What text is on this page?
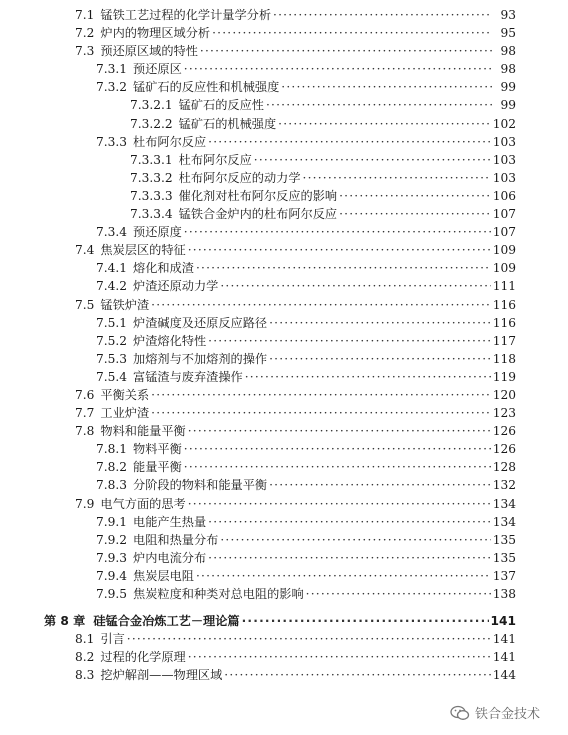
7.1 锰铁工艺过程的化学计量学分析 ·····	93
7.2 炉内的物理区域分析 ·····	95
7.3 预还原区域的特性 ·····	98
7.3.1 预还原区 ·····	98
7.3.2 锰矿石的反应性和机械强度 ·····	99
7.3.2.1 锰矿石的反应性 ·····	99
7.3.2.2 锰矿石的机械强度 ·····	102
7.3.3 杜布阿尔反应 ·····	103
7.3.3.1 杜布阿尔反应 ·····	103
7.3.3.2 杜布阿尔反应的动力学 ·····	103
7.3.3.3 催化剂对杜布阿尔反应的影响 ·····	106
7.3.3.4 锰铁合金炉内的杜布阿尔反应 ·····	107
7.3.4 预还原度 ·····	107
7.4 焦炭层区的特征 ·····	109
7.4.1 熔化和成渣 ·····	109
7.4.2 炉渣还原动力学 ·····	111
7.5 锰铁炉渣 ·····	116
7.5.1 炉渣碱度及还原反应路径 ·····	116
7.5.2 炉渣熔化特性 ·····	117
7.5.3 加熔剂与不加熔剂的操作 ·····	118
7.5.4 富锰渣与废弃渣操作 ·····	119
7.6 平衡关系 ·····	120
7.7 工业炉渣 ·····	123
7.8 物料和能量平衡 ·····	126
7.8.1 物料平衡 ·····	126
7.8.2 能量平衡 ·····	128
7.8.3 分阶段的物料和能量平衡 ·····	132
7.9 电气方面的思考 ·····	134
7.9.1 电能产生热量 ·····	134
7.9.2 电阻和热量分布 ·····	135
7.9.3 炉内电流分布 ·····	135
7.9.4 焦炭层电阻 ·····	137
7.9.5 焦炭粒度和种类对总电阻的影响 ·····	138
第 8 章 硅锰合金冶炼工艺－理论篇 ·····	141
8.1 引言 ·····	141
8.2 过程的化学原理 ·····	141
8.3 挖炉解剖——物理区域 ·····	144
铁合金技术
